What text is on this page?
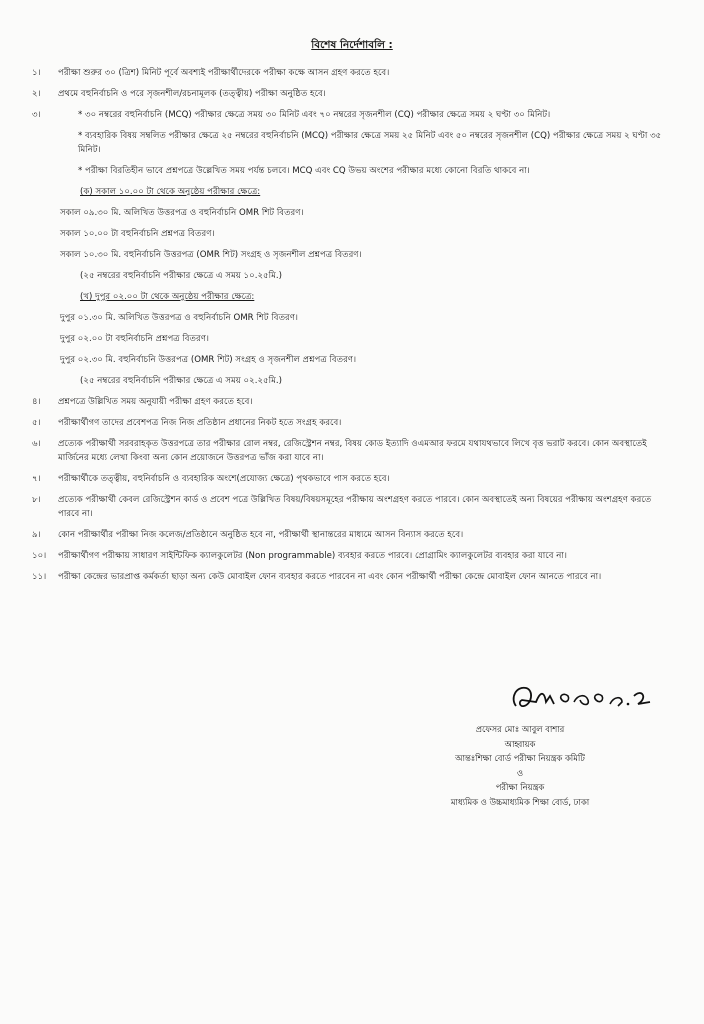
বিশেষ নির্দেশাবলি :
১।	পরীক্ষা শুরুর ৩০ (ত্রিশ) মিনিট পূর্বে অবশ্যই পরীক্ষার্থীদেরকে পরীক্ষা কক্ষে আসন গ্রহণ করতে হবে।
২।	প্রথমে বহুনির্বাচনি ও পরে সৃজনশীল/রচনামূলক (তত্ত্বীয়) পরীক্ষা অনুষ্ঠিত হবে।
৩।	* ৩০ নম্বরের বহুনির্বাচনি (MCQ) পরীক্ষার ক্ষেত্রে সময় ৩০ মিনিট এবং ৭০ নম্বরের সৃজনশীল (CQ) পরীক্ষার ক্ষেত্রে সময় ২ ঘণ্টা ৩০ মিনিট।
* ব্যবহারিক বিষয় সম্বলিত পরীক্ষার ক্ষেত্রে ২৫ নম্বরের বহুনির্বাচনি (MCQ) পরীক্ষার ক্ষেত্রে সময় ২৫ মিনিট এবং ৫০ নম্বরের সৃজনশীল (CQ) পরীক্ষার ক্ষেত্রে সময় ২ ঘণ্টা ৩৫ মিনিট।
* পরীক্ষা বিরতিহীন ভাবে প্রশ্নপত্রে উল্লেখিত সময় পর্যন্ত চলবে। MCQ এবং CQ উভয় অংশের পরীক্ষার মধ্যে কোনো বিরতি থাকবে না।
(ক) সকাল ১০.০০ টা থেকে অনুষ্ঠেয় পরীক্ষার ক্ষেত্রে:
সকাল ০৯.৩০ মি. অলিখিত উত্তরপত্র ও বহুনির্বাচনি OMR শিট বিতরণ।
সকাল ১০.০০ টা বহুনির্বাচনি প্রশ্নপত্র বিতরণ।
সকাল ১০.৩০ মি. বহুনির্বাচনি উত্তরপত্র (OMR শিট) সংগ্রহ ও সৃজনশীল প্রশ্নপত্র বিতরণ।
(২৫ নম্বরের বহুনির্বাচনি পরীক্ষার ক্ষেত্রে এ সময় ১০.২৫মি.)
(খ) দুপুর ০২.০০ টা থেকে অনুষ্ঠেয় পরীক্ষার ক্ষেত্রে:
দুপুর ০১.৩০ মি. অলিখিত উত্তরপত্র ও বহুনির্বাচনি OMR শিট বিতরণ।
দুপুর ০২.০০ টা বহুনির্বাচনি প্রশ্নপত্র বিতরণ।
দুপুর ০২.৩০ মি. বহুনির্বাচনি উত্তরপত্র (OMR শিট) সংগ্রহ ও সৃজনশীল প্রশ্নপত্র বিতরণ।
(২৫ নম্বরের বহুনির্বাচনি পরীক্ষার ক্ষেত্রে এ সময় ০২.২৫মি.)
৪।	প্রশ্নপত্রে উল্লিখিত সময় অনুযায়ী পরীক্ষা গ্রহণ করতে হবে।
৫।	পরীক্ষার্থীগণ তাদের প্রবেশপত্র নিজ নিজ প্রতিষ্ঠান প্রধানের নিকট হতে সংগ্রহ করবে।
৬।	প্রত্যেক পরীক্ষার্থী সরবরাহকৃত উত্তরপত্রে তার পরীক্ষার রোল নম্বর, রেজিস্ট্রেশন নম্বর, বিষয় কোড ইত্যাদি ওএমআর ফরমে যথাযথভাবে লিখে বৃত্ত ভরাট করবে। কোন অবস্থাতেই মার্জিনের মধ্যে লেখা কিংবা অন্য কোন প্রয়োজনে উত্তরপত্র ভাঁজ করা যাবে না।
৭।	পরীক্ষার্থীকে তত্ত্বীয়, বহুনির্বাচনি ও ব্যবহারিক অংশে(প্রযোজ্য ক্ষেত্রে) পৃথকভাবে পাস করতে হবে।
৮।	প্রত্যেক পরীক্ষার্থী কেবল রেজিস্ট্রেশন কার্ড ও প্রবেশ পত্রে উল্লিখিত বিষয়/বিষয়সমূহের পরীক্ষায় অংশগ্রহণ করতে পারবে। কোন অবস্থাতেই অন্য বিষয়ের পরীক্ষায় অংশগ্রহণ করতে পারবে না।
৯।	কোন পরীক্ষার্থীর পরীক্ষা নিজ কলেজ/প্রতিষ্ঠানে অনুষ্ঠিত হবে না, পরীক্ষার্থী স্থানান্তরের মাধ্যমে আসন বিন্যাস করতে হবে।
১০।	পরীক্ষার্থীগণ পরীক্ষায় সাধারণ সাইন্টিফিক ক্যালকুলেটর (Non programmable) ব্যবহার করতে পারবে। প্রোগ্রামিং ক্যালকুলেটর ব্যবহার করা যাবে না।
১১।	পরীক্ষা কেন্দ্রের ভারপ্রাপ্ত কর্মকর্তা ছাড়া অন্য কেউ মোবাইল ফোন ব্যবহার করতে পারবেন না এবং কোন পরীক্ষার্থী পরীক্ষা কেন্দ্রে মোবাইল ফোন আনতে পারবে না।
প্রফেসর মোঃ আবুল বাশার
আহ্বায়ক
আন্তঃশিক্ষা বোর্ড পরীক্ষা নিয়ন্ত্রক কমিটি
ও
পরীক্ষা নিয়ন্ত্রক
মাধ্যমিক ও উচ্চমাধ্যমিক শিক্ষা বোর্ড, ঢাকা
